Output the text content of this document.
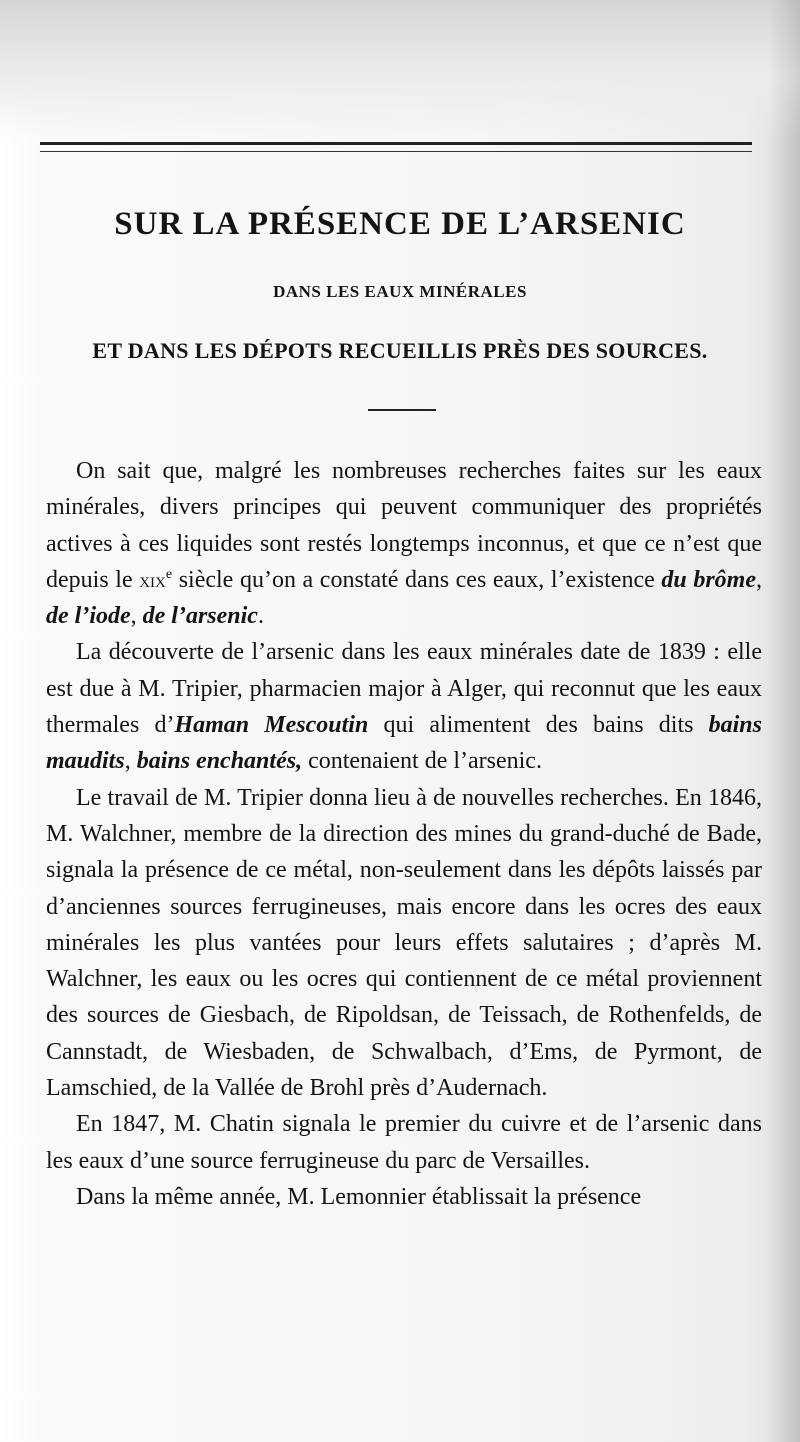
SUR LA PRÉSENCE DE L’ARSENIC
DANS LES EAUX MINÉRALES
ET DANS LES DÉPOTS RECUEILLIS PRÈS DES SOURCES.

On sait que, malgré les nombreuses recherches faites sur les eaux minérales, divers principes qui peuvent communiquer des propriétés actives à ces liquides sont restés longtemps inconnus, et que ce n’est que depuis le xix$^e$ siècle qu’on a constaté dans ces eaux, l’existence du brôme, de l’iode, de l’arsenic.

La découverte de l’arsenic dans les eaux minérales date de 1839 : elle est due à M. Tripier, pharmacien major à Alger, qui reconnut que les eaux thermales d’Haman Mescoutin qui alimentent des bains dits bains maudits, bains enchantés, contenaient de l’arsenic.

Le travail de M. Tripier donna lieu à de nouvelles recherches. En 1846, M. Walchner, membre de la direction des mines du grand-duché de Bade, signala la présence de ce métal, non-seulement dans les dépôts laissés par d’anciennes sources ferrugineuses, mais encore dans les ocres des eaux minérales les plus vantées pour leurs effets salutaires ; d’après M. Walchner, les eaux ou les ocres qui contiennent de ce métal proviennent des sources de Giesbach, de Ripoldsan, de Teissach, de Rothenfelds, de Cannstadt, de Wiesbaden, de Schwalbach, d’Ems, de Pyrmont, de Lamschied, de la Vallée de Brohl près d’Audernach.

En 1847, M. Chatin signala le premier du cuivre et de l’arsenic dans les eaux d’une source ferrugineuse du parc de Versailles.

Dans la même année, M. Lemonnier établissait la présence
